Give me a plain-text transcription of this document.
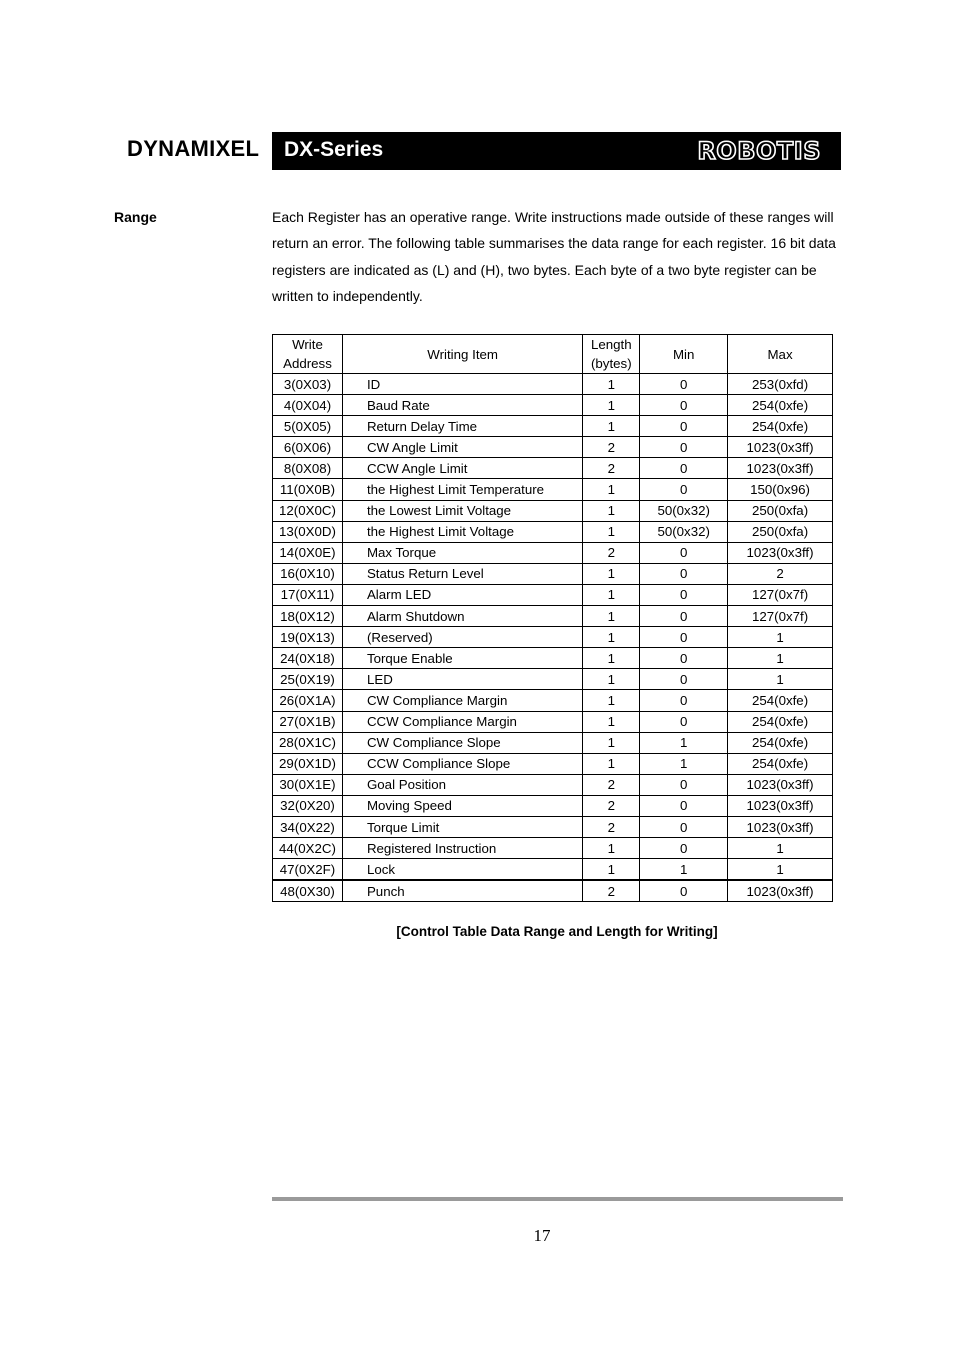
DYNAMIXEL DX-Series	ROBOTIS
Range	Each Register has an operative range. Write instructions made outside of these ranges will return an error. The following table summarises the data range for each register. 16 bit data registers are indicated as (L) and (H), two bytes. Each byte of a two byte register can be written to independently.

Write Address	Writing Item	Length (bytes)	Min	Max
3(0X03)	ID	1	0	253(0xfd)
4(0X04)	Baud Rate	1	0	254(0xfe)
5(0X05)	Return Delay Time	1	0	254(0xfe)
6(0X06)	CW Angle Limit	2	0	1023(0x3ff)
8(0X08)	CCW Angle Limit	2	0	1023(0x3ff)
11(0X0B)	the Highest Limit Temperature	1	0	150(0x96)
12(0X0C)	the Lowest Limit Voltage	1	50(0x32)	250(0xfa)
13(0X0D)	the Highest Limit Voltage	1	50(0x32)	250(0xfa)
14(0X0E)	Max Torque	2	0	1023(0x3ff)
16(0X10)	Status Return Level	1	0	2
17(0X11)	Alarm LED	1	0	127(0x7f)
18(0X12)	Alarm Shutdown	1	0	127(0x7f)
19(0X13)	(Reserved)	1	0	1
24(0X18)	Torque Enable	1	0	1
25(0X19)	LED	1	0	1
26(0X1A)	CW Compliance Margin	1	0	254(0xfe)
27(0X1B)	CCW Compliance Margin	1	0	254(0xfe)
28(0X1C)	CW Compliance Slope	1	1	254(0xfe)
29(0X1D)	CCW Compliance Slope	1	1	254(0xfe)
30(0X1E)	Goal Position	2	0	1023(0x3ff)
32(0X20)	Moving Speed	2	0	1023(0x3ff)
34(0X22)	Torque Limit	2	0	1023(0x3ff)
44(0X2C)	Registered Instruction	1	0	1
47(0X2F)	Lock	1	1	1
48(0X30)	Punch	2	0	1023(0x3ff)
[Control Table Data Range and Length for Writing]
17
